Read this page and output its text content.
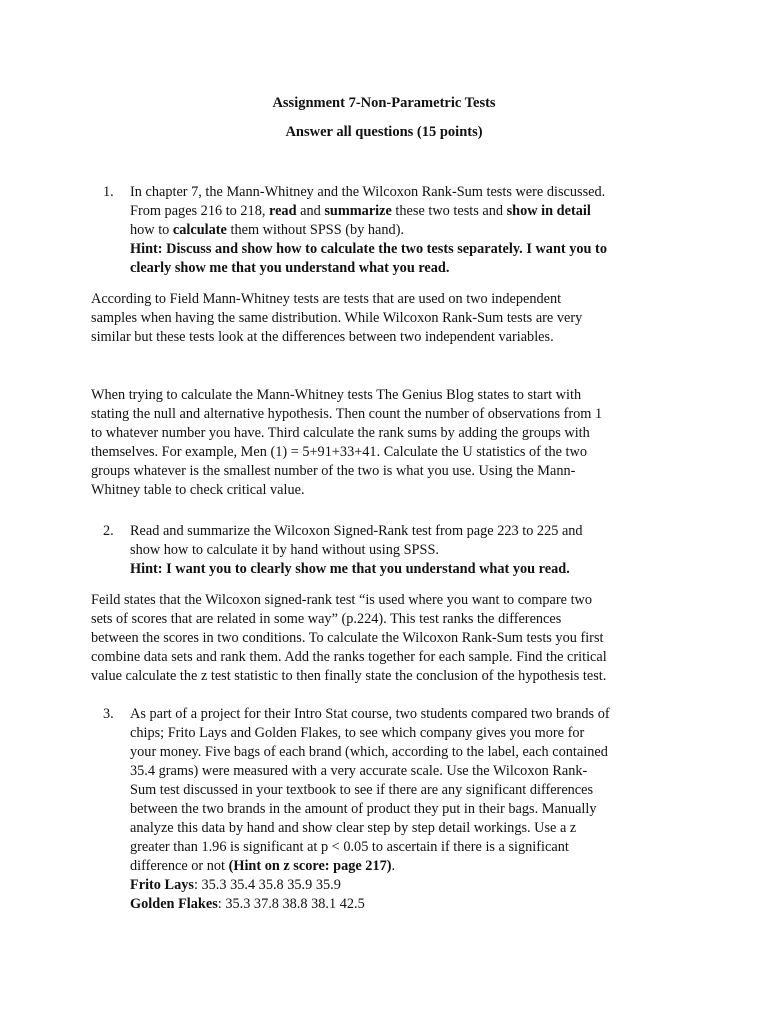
Assignment 7-Non-Parametric Tests
Answer all questions (15 points)
1. In chapter 7, the Mann-Whitney and the Wilcoxon Rank-Sum tests were discussed.
From pages 216 to 218, read and summarize these two tests and show in detail
how to calculate them without SPSS (by hand).
Hint: Discuss and show how to calculate the two tests separately. I want you to
clearly show me that you understand what you read.

According to Field Mann-Whitney tests are tests that are used on two independent
samples when having the same distribution. While Wilcoxon Rank-Sum tests are very
similar but these tests look at the differences between two independent variables.

When trying to calculate the Mann-Whitney tests The Genius Blog states to start with
stating the null and alternative hypothesis. Then count the number of observations from 1
to whatever number you have. Third calculate the rank sums by adding the groups with
themselves. For example, Men (1) = 5+91+33+41. Calculate the U statistics of the two
groups whatever is the smallest number of the two is what you use. Using the Mann-
Whitney table to check critical value.

2. Read and summarize the Wilcoxon Signed-Rank test from page 223 to 225 and
show how to calculate it by hand without using SPSS.
Hint: I want you to clearly show me that you understand what you read.

Feild states that the Wilcoxon signed-rank test “is used where you want to compare two
sets of scores that are related in some way” (p.224). This test ranks the differences
between the scores in two conditions. To calculate the Wilcoxon Rank-Sum tests you first
combine data sets and rank them. Add the ranks together for each sample. Find the critical
value calculate the z test statistic to then finally state the conclusion of the hypothesis test.

3. As part of a project for their Intro Stat course, two students compared two brands of
chips; Frito Lays and Golden Flakes, to see which company gives you more for
your money. Five bags of each brand (which, according to the label, each contained
35.4 grams) were measured with a very accurate scale. Use the Wilcoxon Rank-
Sum test discussed in your textbook to see if there are any significant differences
between the two brands in the amount of product they put in their bags. Manually
analyze this data by hand and show clear step by step detail workings. Use a z
greater than 1.96 is significant at p < 0.05 to ascertain if there is a significant
difference or not (Hint on z score: page 217).
Frito Lays: 35.3 35.4 35.8 35.9 35.9
Golden Flakes: 35.3 37.8 38.8 38.1 42.5
